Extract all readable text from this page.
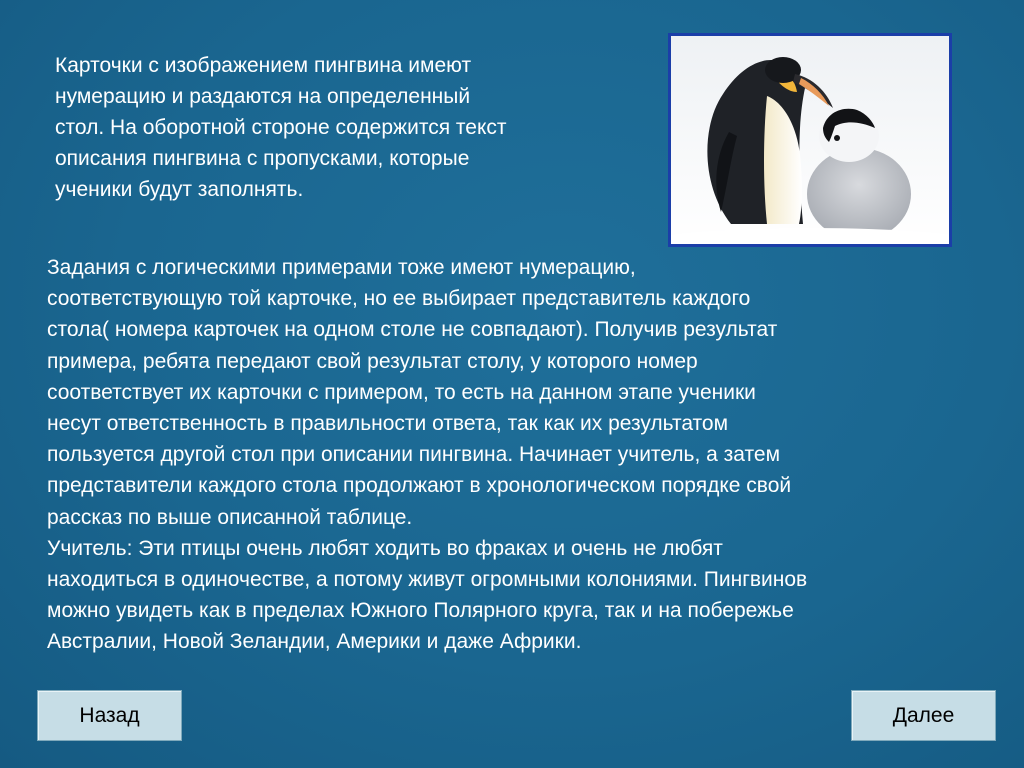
Карточки с изображением пингвина имеют
нумерацию и раздаются на определенный
стол. На оборотной стороне содержится текст
описания пингвина с пропусками, которые
ученики будут заполнять.
Задания с логическими примерами тоже имеют нумерацию,
соответствующую той карточке, но ее выбирает представитель каждого
стола( номера карточек на одном столе не совпадают). Получив результат
примера, ребята передают свой результат столу, у которого номер
соответствует их карточки с примером, то есть на данном этапе ученики
несут ответственность в правильности ответа, так как их результатом
пользуется другой стол при описании пингвина. Начинает учитель, а затем
представители каждого стола продолжают в хронологическом порядке свой
рассказ по выше описанной таблице.
Учитель: Эти птицы очень любят ходить во фраках и очень не любят
находиться в одиночестве, а потому живут огромными колониями. Пингвинов
можно увидеть как в пределах Южного Полярного круга, так и на побережье
Австралии, Новой Зеландии, Америки и даже Африки.
Назад	Далее
